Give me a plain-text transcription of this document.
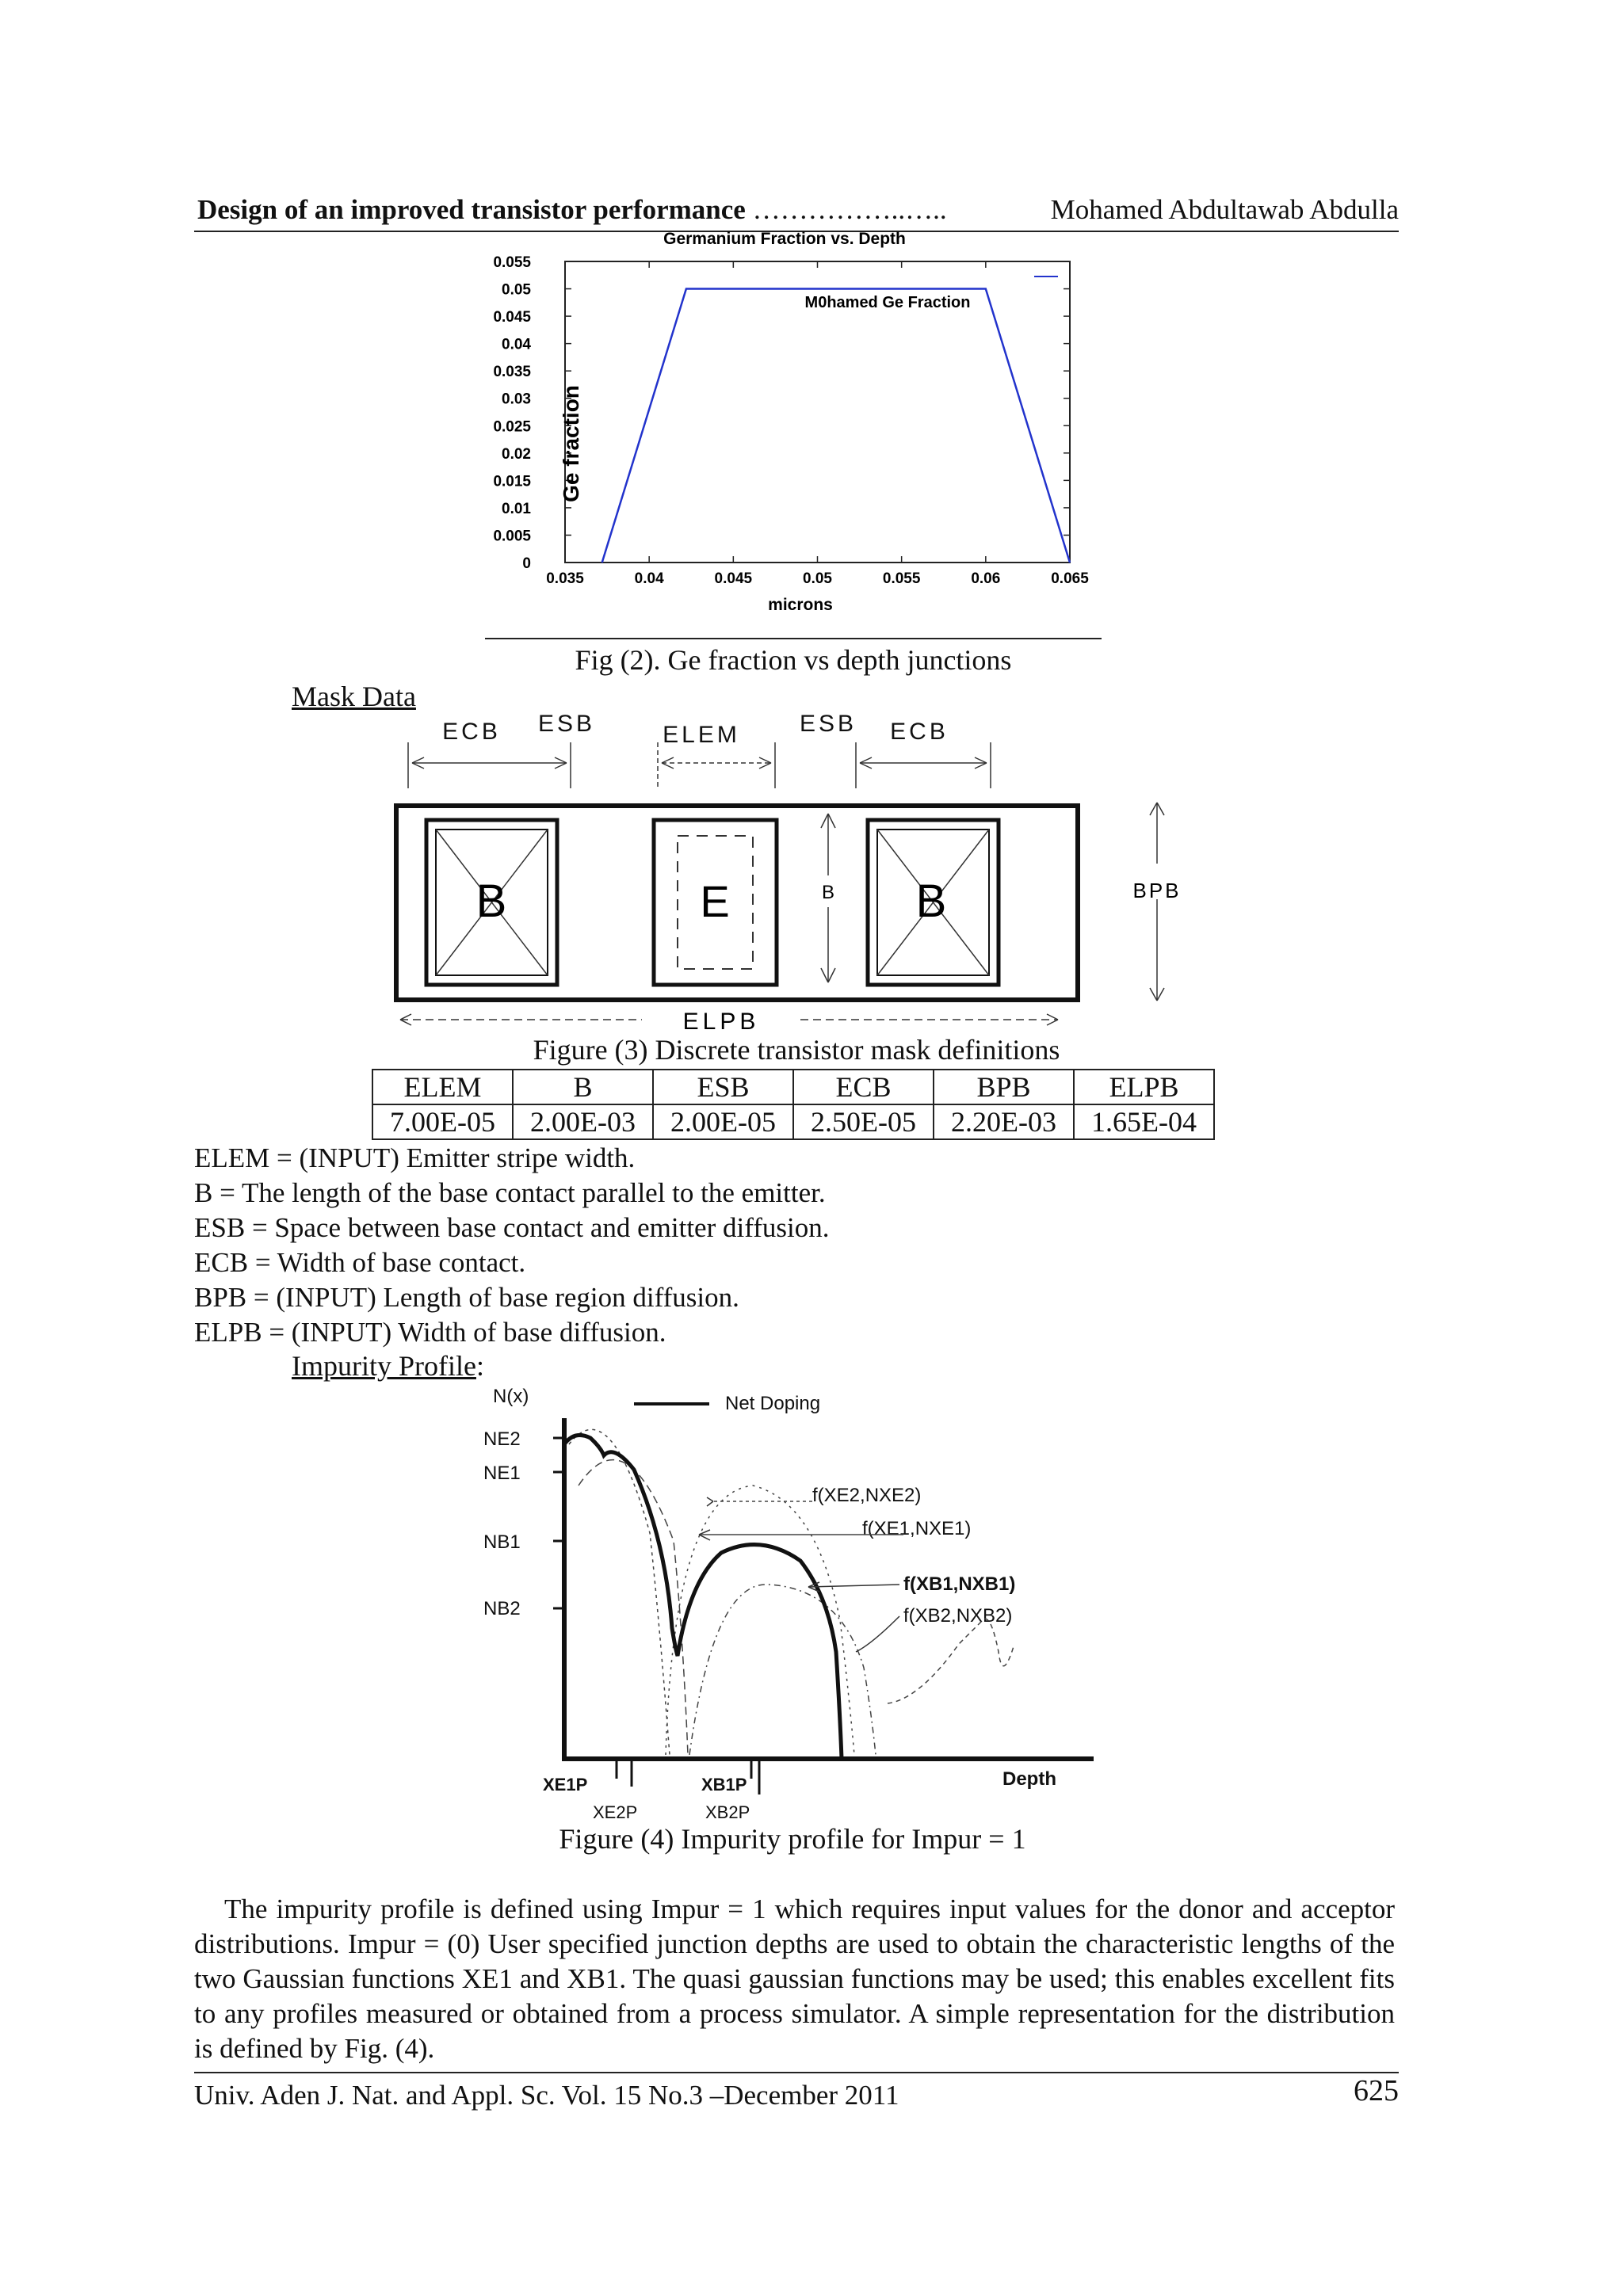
Design of an improved transistor performance ……………..…..	Mohamed Abdultawab Abdulla
Germanium Fraction vs. Depth
0
0.005
0.01
0.015
0.02
0.025
0.03
0.035
0.04
0.045
0.05
0.055
0.035	0.04	0.045	0.05	0.055	0.06	0.065
Ge fraction
microns
M0hamed Ge Fraction
Fig (2). Ge fraction vs depth junctions
Mask Data
ECB ESB	ELEM	ESB ECB
B	E	B B	BPB
ELPB
Figure (3) Discrete transistor mask definitions
ELEM	B	ESB	ECB	BPB	ELPB
7.00E-05	2.00E-03	2.00E-05	2.50E-05	2.20E-03	1.65E-04
ELEM = (INPUT) Emitter stripe width.
B = The length of the base contact parallel to the emitter.
ESB = Space between base contact and emitter diffusion.
ECB = Width of base contact.
BPB = (INPUT) Length of base region diffusion.
ELPB = (INPUT) Width of base diffusion.
Impurity Profile:
N(x)	Net Doping
NE2
NE1
NB1
NB2
f(XE2,NXE2)
f(XE1,NXE1)
f(XB1,NXB1)
f(XB2,NXB2)
XE1P
XE2P
XB1P
XB2P
Depth
Figure (4) Impurity profile for Impur = 1
The impurity profile is defined using Impur = 1 which requires input values for the donor and acceptor distributions. Impur = (0) User specified junction depths are used to obtain the characteristic lengths of the two Gaussian functions XE1 and XB1. The quasi gaussian functions may be used; this enables excellent fits to any profiles measured or obtained from a process simulator. A simple representation for the distribution is defined by Fig. (4).
Univ. Aden J. Nat. and Appl. Sc. Vol. 15 No.3 –December 2011	625
